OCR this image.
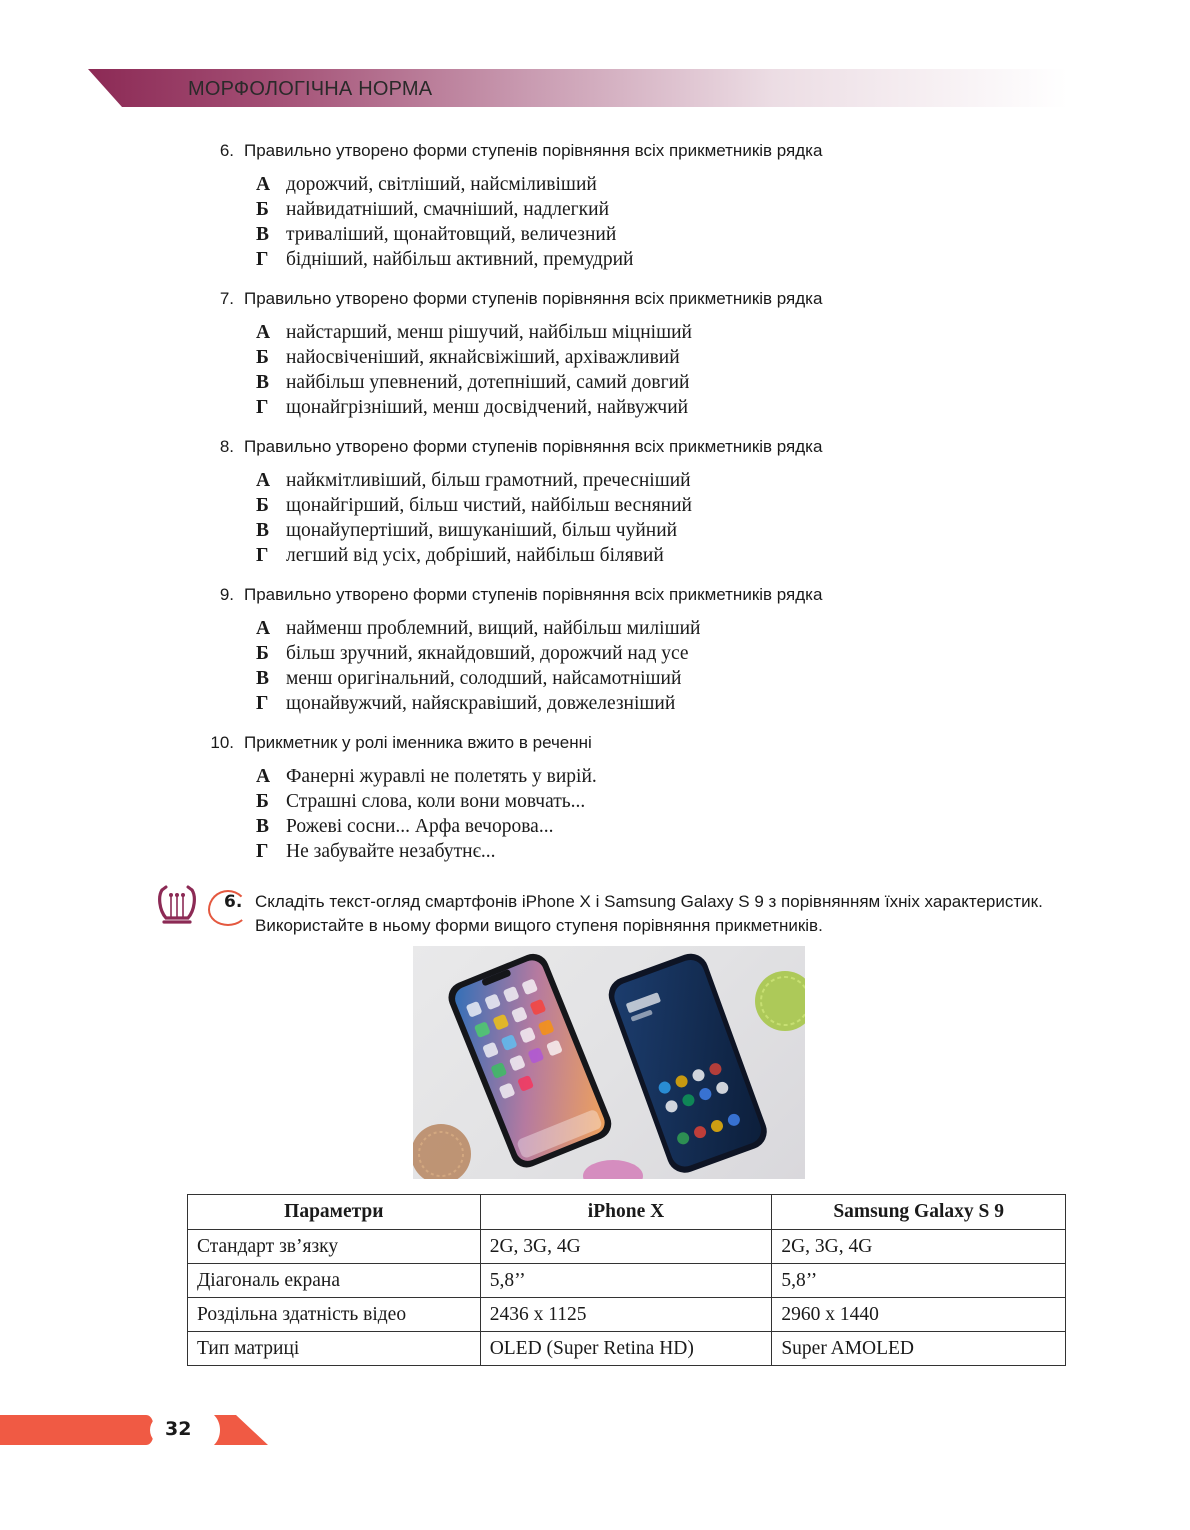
МОРФОЛОГІЧНА НОРМА
6. Правильно утворено форми ступенів порівняння всіх прикметників рядка
А дорожчий, світліший, найсміливіший
Б найвидатніший, смачніший, надлегкий
В триваліший, щонайтовщий, величезний
Г бідніший, найбільш активний, премудрий
7. Правильно утворено форми ступенів порівняння всіх прикметників рядка
А найстарший, менш рішучий, найбільш міцніший
Б найосвіченіший, якнайсвіжіший, архіважливий
В найбільш упевнений, дотепніший, самий довгий
Г щонайгрізніший, менш досвідчений, найвужчий
8. Правильно утворено форми ступенів порівняння всіх прикметників рядка
А найкмітливіший, більш грамотний, пречесніший
Б щонайгірший, більш чистий, найбільш весняний
В щонайупертіший, вишуканіший, більш чуйний
Г легший від усіх, добріший, найбільш білявий
9. Правильно утворено форми ступенів порівняння всіх прикметників рядка
А найменш проблемний, вищий, найбільш миліший
Б більш зручний, якнайдовший, дорожчий над усе
В менш оригінальний, солодший, найсамотніший
Г щонайвужчий, найяскравіший, довжелезніший
10. Прикметник у ролі іменника вжито в реченні
А Фанерні журавлі не полетять у вирій.
Б Страшні слова, коли вони мовчать...
В Рожеві сосни... Арфа вечорова...
Г Не забувайте незабутнє...
6. Складіть текст-огляд смартфонів iPhone X і Samsung Galaxy S 9 з порівнянням їхніх характеристик. Використайте в ньому форми вищого ступеня порівняння прикметників.
Параметри	iPhone X	Samsung Galaxy S 9
Стандарт зв’язку	2G, 3G, 4G	2G, 3G, 4G
Діагональ екрана	5,8’’	5,8’’
Роздільна здатність відео	2436 x 1125	2960 x 1440
Тип матриці	OLED (Super Retina HD)	Super AMOLED
32
